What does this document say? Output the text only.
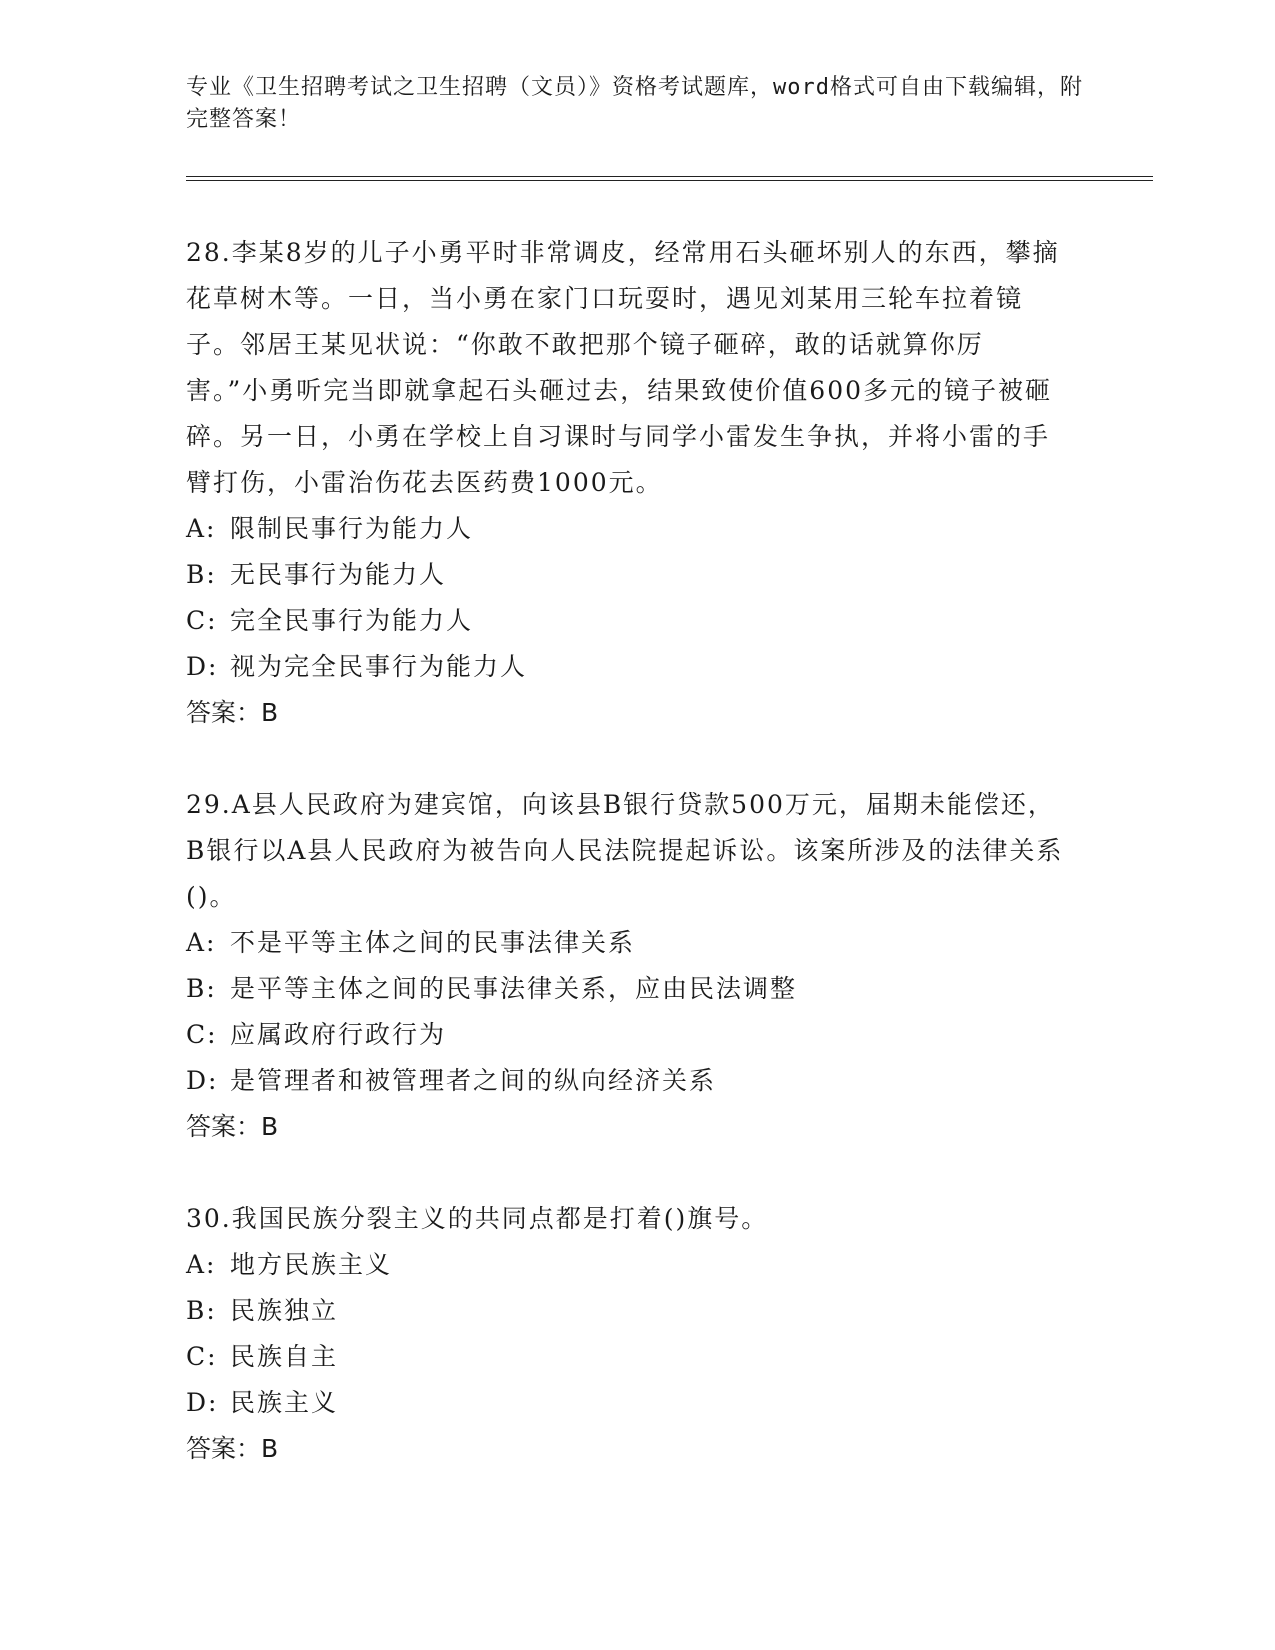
专业《卫生招聘考试之卫生招聘（文员）》资格考试题库，word格式可自由下载编辑，附完整答案！

28.李某8岁的儿子小勇平时非常调皮，经常用石头砸坏别人的东西，攀摘花草树木等。一日，当小勇在家门口玩耍时，遇见刘某用三轮车拉着镜子。邻居王某见状说：“你敢不敢把那个镜子砸碎，敢的话就算你厉害。”小勇听完当即就拿起石头砸过去，结果致使价值600多元的镜子被砸碎。另一日，小勇在学校上自习课时与同学小雷发生争执，并将小雷的手臂打伤，小雷治伤花去医药费1000元。

A: 限制民事行为能力人

B: 无民事行为能力人

C: 完全民事行为能力人

D: 视为完全民事行为能力人

答案：B

29.A县人民政府为建宾馆，向该县B银行贷款500万元，届期未能偿还，B银行以A县人民政府为被告向人民法院提起诉讼。该案所涉及的法律关系()。

A: 不是平等主体之间的民事法律关系

B: 是平等主体之间的民事法律关系，应由民法调整

C: 应属政府行政行为

D: 是管理者和被管理者之间的纵向经济关系

答案：B

30.我国民族分裂主义的共同点都是打着()旗号。

A: 地方民族主义

B: 民族独立

C: 民族自主

D: 民族主义

答案：B
